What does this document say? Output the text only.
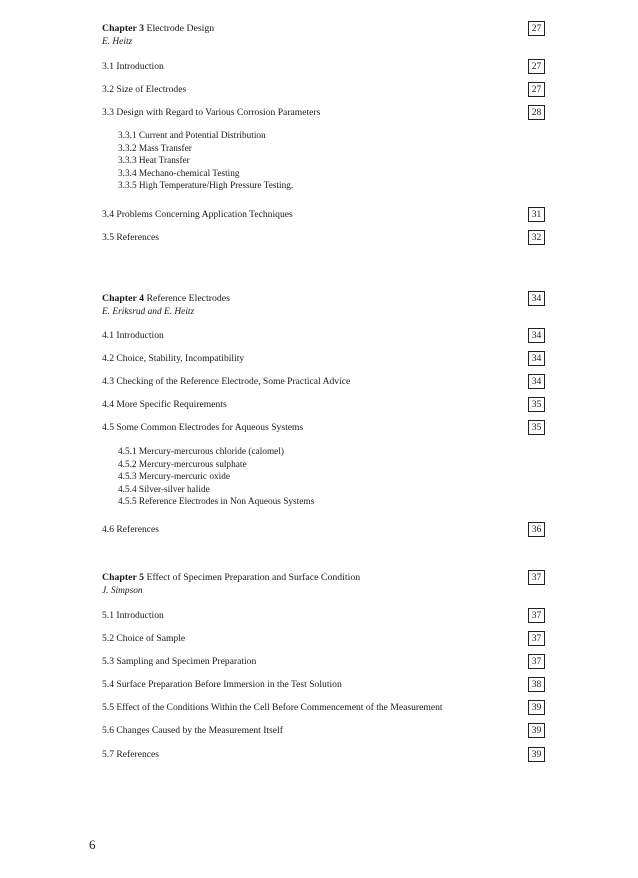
Chapter 3 Electrode Design	27
E. Heitz
3.1 Introduction	27
3.2 Size of Electrodes	27
3.3 Design with Regard to Various Corrosion Parameters	28
3.3.1 Current and Potential Distribution
3.3.2 Mass Transfer
3.3.3 Heat Transfer
3.3.4 Mechano-chemical Testing
3.3.5 High Temperature/High Pressure Testing.
3.4 Problems Concerning Application Techniques	31
3.5 References	32
Chapter 4 Reference Electrodes	34
E. Eriksrud and E. Heitz
4.1 Introduction	34
4.2 Choice, Stability, Incompatibility	34
4.3 Checking of the Reference Electrode, Some Practical Advice	34
4.4 More Specific Requirements	35
4.5 Some Common Electrodes for Aqueous Systems	35
4.5.1 Mercury-mercurous chloride (calomel)
4.5.2 Mercury-mercurous sulphate
4.5.3 Mercury-mercuric oxide
4.5.4 Silver-silver halide
4.5.5 Reference Electrodes in Non Aqueous Systems
4.6 References	36
Chapter 5 Effect of Specimen Preparation and Surface Condition	37
J. Simpson
5.1 Introduction	37
5.2 Choice of Sample	37
5.3 Sampling and Specimen Preparation	37
5.4 Surface Preparation Before Immersion in the Test Solution	38
5.5 Effect of the Conditions Within the Cell Before Commencement of the Measurement	39
5.6 Changes Caused by the Measurement Itself	39
5.7 References	39
6
